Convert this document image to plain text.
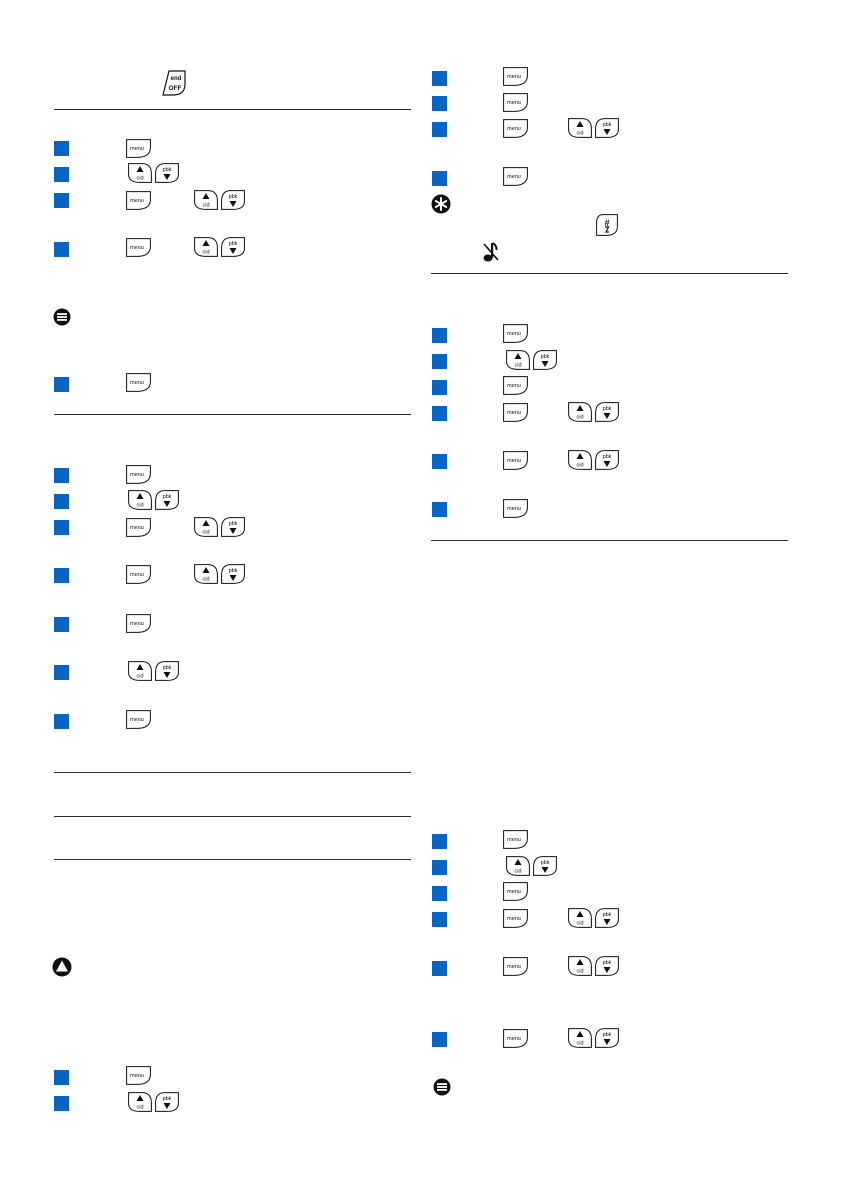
end
OFF
menu
cid
pbk
menu
cid
pbk
menu
cid
pbk
menu
menu
cid
pbk
menu
cid
pbk
menu
cid
pbk
menu
cid
pbk
menu
menu
cid
pbk
menu
menu
menu
cid
pbk
menu
#
menu
cid
pbk
menu
menu
cid
pbk
menu
cid
pbk
menu
menu
cid
pbk
menu
menu
cid
pbk
menu
cid
pbk
menu
cid
pbk
